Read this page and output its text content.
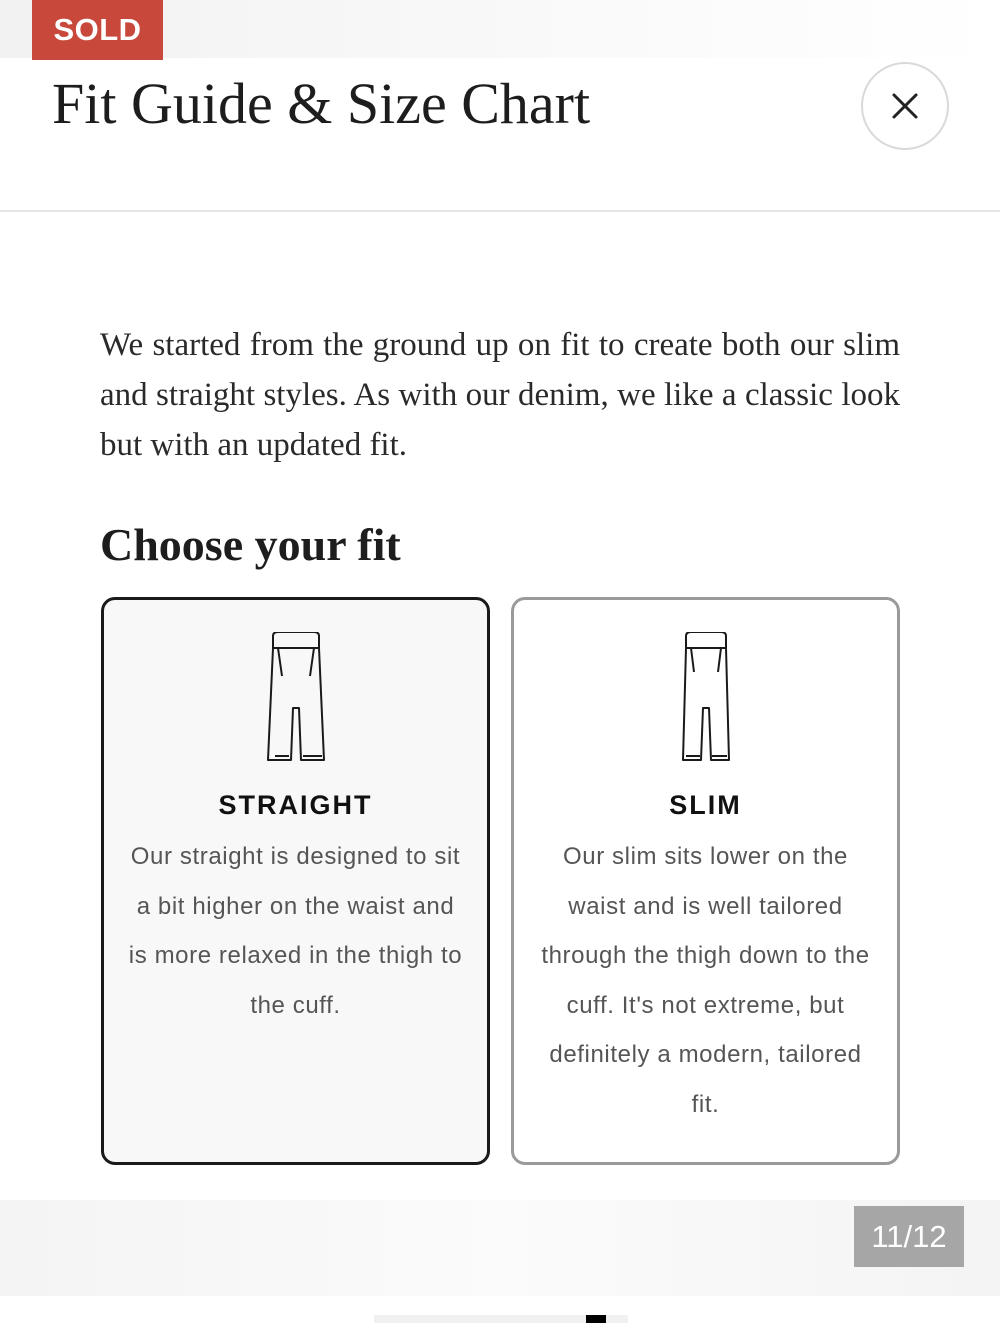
SOLD
Fit Guide & Size Chart

We started from the ground up on fit to create both our slim and straight styles. As with our denim, we like a classic look but with an updated fit.

Choose your fit
STRAIGHT

Our straight is designed to sit a bit higher on the waist and is more relaxed in the thigh to the cuff.

SLIM

Our slim sits lower on the waist and is well tailored through the thigh down to the cuff. It's not extreme, but definitely a modern, tailored fit.

11/12
